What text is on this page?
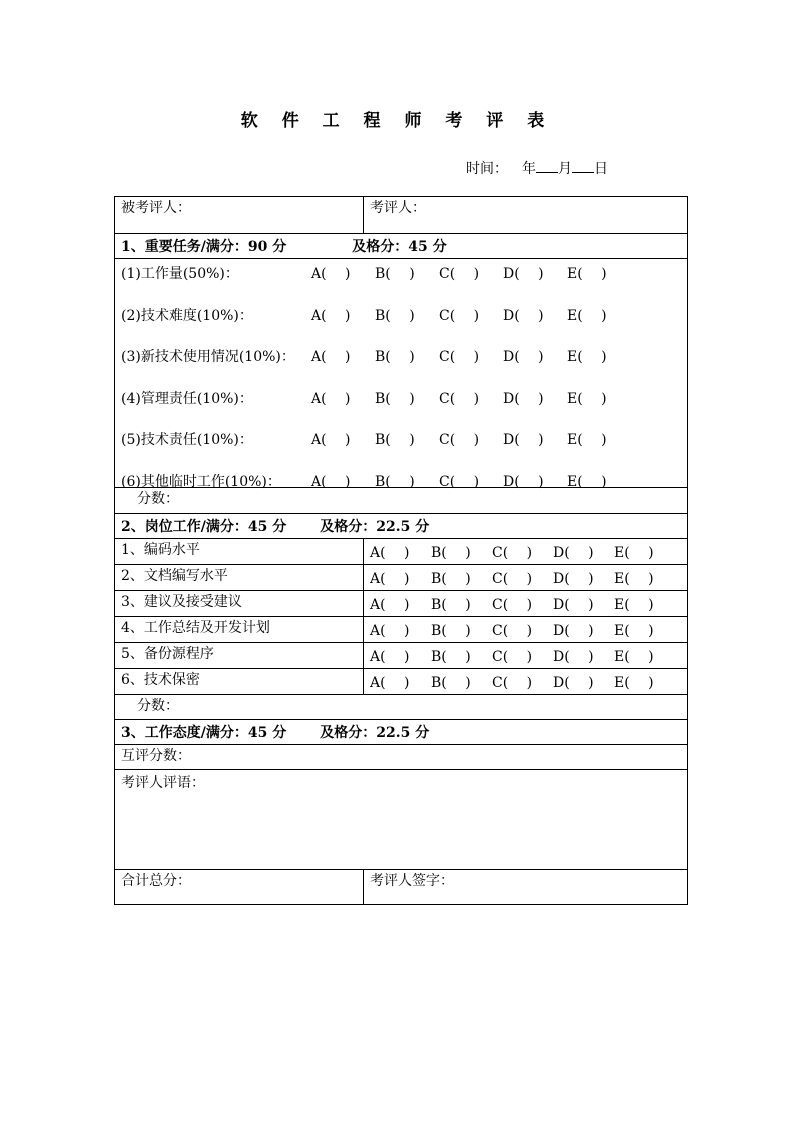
软 件 工 程 师 考 评 表
时间： 年 月 日
被考评人：	考评人：
1、重要任务/满分：90 分	及格分：45 分
(1)工作量(50%)：	A(　 )	B(　 )	C(　 )	D(　 )	E(　 )
(2)技术难度(10%)：	A(　 )	B(　 )	C(　 )	D(　 )	E(　 )
(3)新技术使用情况(10%)：	A(　 )	B(　 )	C(　 )	D(　 )	E(　 )
(4)管理责任(10%)：	A(　 )	B(　 )	C(　 )	D(　 )	E(　 )
(5)技术责任(10%)：	A(　 )	B(　 )	C(　 )	D(　 )	E(　 )
(6)其他临时工作(10%)：	A(　 )	B(　 )	C(　 )	D(　 )	E(　 )
分数：
2、岗位工作/满分：45 分 及格分：22.5 分
1、编码水平	A(　 )	B(　 )	C(　 )	D(　 )	E(　 )
2、文档编写水平	A(　 )	B(　 )	C(　 )	D(　 )	E(　 )
3、建议及接受建议	A(　 )	B(　 )	C(　 )	D(　 )	E(　 )
4、工作总结及开发计划	A(　 )	B(　 )	C(　 )	D(　 )	E(　 )
5、备份源程序	A(　 )	B(　 )	C(　 )	D(　 )	E(　 )
6、技术保密	A(　 )	B(　 )	C(　 )	D(　 )	E(　 )
分数：
3、工作态度/满分：45 分 及格分：22.5 分
互评分数：
考评人评语：
合计总分：	考评人签字：
